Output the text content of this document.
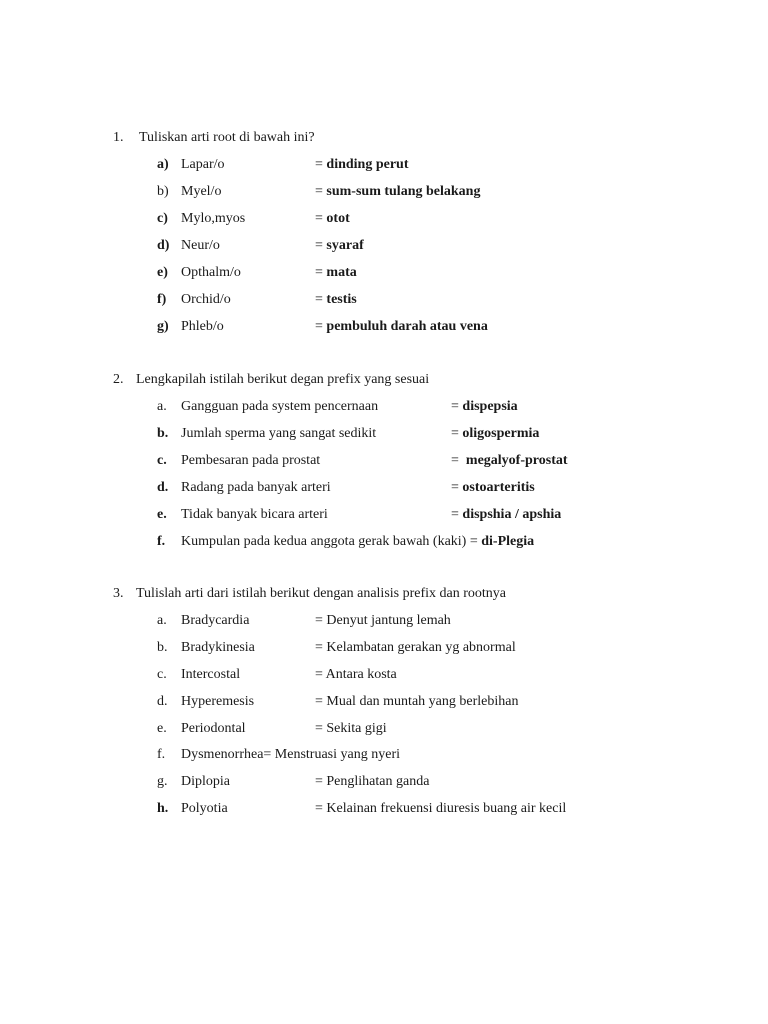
1. Tuliskan arti root di bawah ini?
a) Lapar/o	= dinding perut
b) Myel/o	= sum-sum tulang belakang
c) Mylo,myos	= otot
d) Neur/o	= syaraf
e) Opthalm/o	= mata
f) Orchid/o	= testis
g) Phleb/o	= pembuluh darah atau vena
2. Lengkapilah istilah berikut degan prefix yang sesuai
a. Gangguan pada system pencernaan	= dispepsia
b. Jumlah sperma yang sangat sedikit	= oligospermia
c. Pembesaran pada prostat	=  megalyof-prostat
d. Radang pada banyak arteri	= ostoarteritis
e. Tidak banyak bicara arteri	= dispshia / apshia
f. Kumpulan pada kedua anggota gerak bawah (kaki) = di-Plegia
3. Tulislah arti dari istilah berikut dengan analisis prefix dan rootnya
a. Bradycardia	= Denyut jantung lemah
b. Bradykinesia	= Kelambatan gerakan yg abnormal
c. Intercostal	= Antara kosta
d. Hyperemesis	= Mual dan muntah yang berlebihan
e. Periodontal	= Sekita gigi
f. Dysmenorrhea= Menstruasi yang nyeri
g. Diplopia	= Penglihatan ganda
h. Polyotia	= Kelainan frekuensi diuresis buang air kecil
